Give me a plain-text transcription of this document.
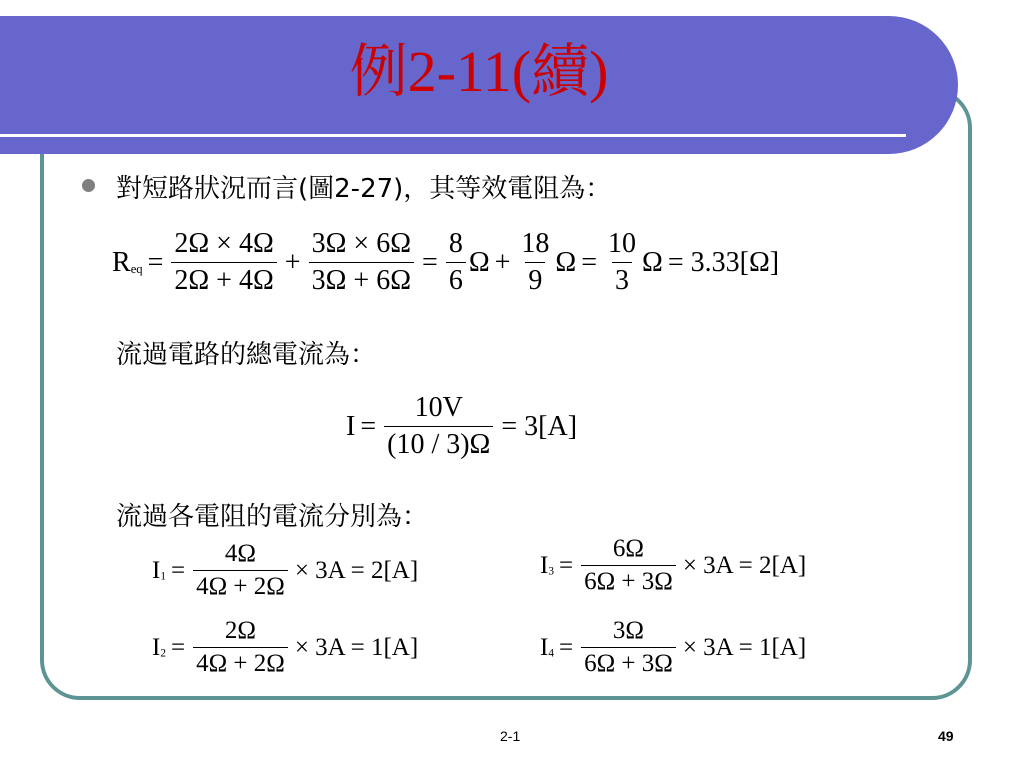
例2-11(續)
對短路狀況而言(圖2-27)，其等效電阻為：
$R_{eq} = \frac{2\Omega \times 4\Omega}{2\Omega + 4\Omega} + \frac{3\Omega \times 6\Omega}{3\Omega + 6\Omega} = \frac{8}{6}$ $\Omega + \frac{18}{9}$ $\Omega = \frac{10}{3}$ Ω = 3.33[Ω]
流過電路的總電流為：
$I = \frac{10V}{(10 / 3)\Omega} = 3[A]$
流過各電阻的電流分別為：
$I_1 = \frac{4\Omega}{4\Omega + 2\Omega} \times 3A = 2[A]$
$I_2 = \frac{2\Omega}{4\Omega + 2\Omega} \times 3A = 1[A]$
$I_3 = \frac{6\Omega}{6\Omega + 3\Omega} \times 3A = 2[A]$
$I_4 = \frac{3\Omega}{6\Omega + 3\Omega} \times 3A = 1[A]$
2-1	49
